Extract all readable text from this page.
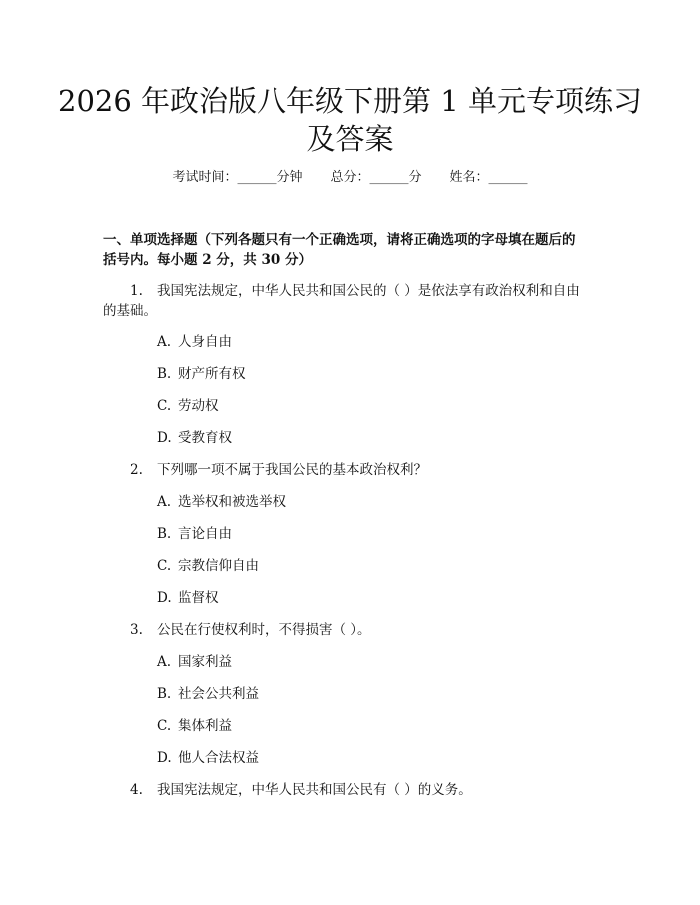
2026 年政治版八年级下册第 1 单元专项练习
及答案
考试时间：______分钟 总分：______分 姓名：______
一、单项选择题（下列各题只有一个正确选项，请将正确选项的字母填在题后的
括号内。每小题 2 分，共 30 分）
1. 我国宪法规定，中华人民共和国公民的（ ）是依法享有政治权利和自由
的基础。
A. 人身自由
B. 财产所有权
C. 劳动权
D. 受教育权
2. 下列哪一项不属于我国公民的基本政治权利？
A. 选举权和被选举权
B. 言论自由
C. 宗教信仰自由
D. 监督权
3. 公民在行使权利时，不得损害（ ）。
A. 国家利益
B. 社会公共利益
C. 集体利益
D. 他人合法权益
4. 我国宪法规定，中华人民共和国公民有（ ）的义务。
